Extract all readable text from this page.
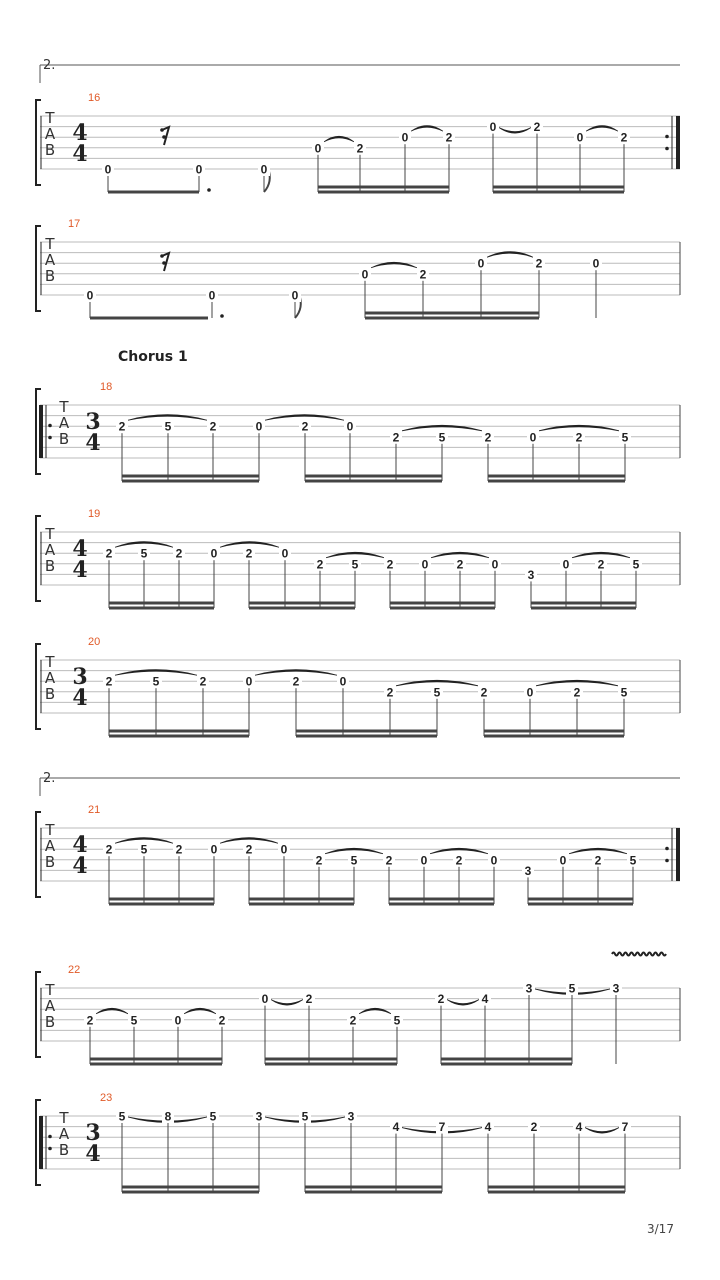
T
A
B
4
4
0	0	0
0	2
0	2
0	2
0	2
T
A
B
0	0	0
0	2
0	2	0
T
A
B
3
4
2	5	2	0	2	0
2	5	2	0	2	5
T
A
B
4
4
2 5 2 0 2 0
2 5 2 0 2 0
3
0 2 5
T
A
B
3
4
2	5	2	0	2	0
2	5	2	0	2	5
T
A
B
4
4
2 5 2 0 2 0
2 5 2 0 2 0
3
0 2 5
T
A
B	2	5	0	2
0	2
2	5
2	4
3	5	3
T
A
B
3
4
5	8	5	3	5	3
4	7	4	2	4	7
3/17
Chorus 1
2.
16
17
18
19
20
2.
21
22
23
